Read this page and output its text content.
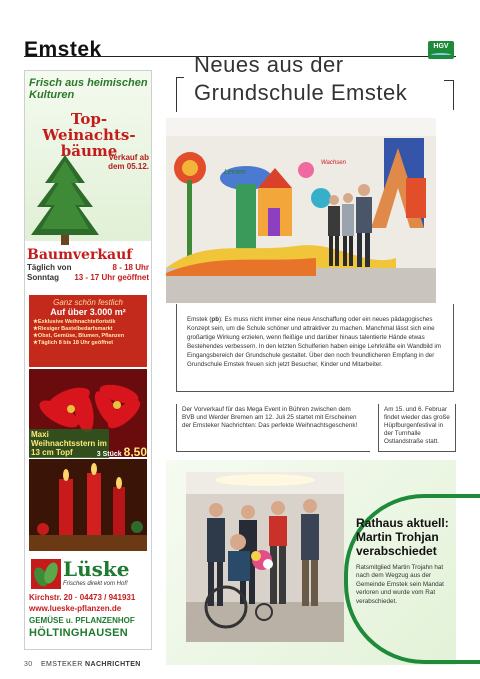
Emstek	HGV
Frisch aus heimischen Kulturen
Top-Weinachts-bäume
Verkauf ab dem 05.12.
Baumverkauf
Täglich von	8 - 18 Uhr
Sonntag 13 - 17 Uhr geöffnet
Ganz schön festlich
Auf über 3.000 m²
★Exklusive Weihnachtsfloristik
★Riesiger Bastelbedarfsmarkt
★Obst, Gemüse, Blumen, Pflanzen
★Täglich 8 bis 18 Uhr geöffnet
Maxi Weihnachtsstern im 13 cm Topf	3 Stück 8,50
Lüske
Frisches direkt vom Hof!
Kirchstr. 20 · 04473 / 941931
www.lueske-pflanzen.de
GEMÜSE u. PFLANZENHOF
HÖLTINGHAUSEN
Neues aus der
Grundschule Emstek
Lernen
Wachsen
Emstek (pb): Es muss nicht immer eine neue Anschaffung oder ein neues pädagogisches Konzept sein, um die Schule schöner und attraktiver zu machen. Manchmal lässt sich eine großartige Wirkung erzielen, wenn fleißige und darüber hinaus talentierte Hände etwas Bestehendes verbessern. In den letzten Schulferien haben einige Lehrkräfte ein Wandbild im Eingangsbereich der Grundschule gestaltet. Über den noch freundlicheren Empfang in der Grundschule Emstek freuen sich jetzt Besucher, Kinder und Mitarbeiter.
Der Vorverkauf für das Mega Event in Bühren zwischen dem BVB und Werder Bremen am 12. Juli 25 startet mit Erscheinen der Emsteker Nachrichten: Das perfekte Weihnachtsgeschenk!
Am 15. und 6. Februar findet wieder das große Hüpfburgenfestival in der Turnhalle Ostlandstraße statt.
Rathaus aktuell: Martin Trohjan verabschiedet
Ratsmitglied Martin Trojahn hat nach dem Wegzug aus der Gemeinde Emstek sein Mandat verloren und wurde vom Rat verabschiedet.
30 EMSTEKER NACHRICHTEN
